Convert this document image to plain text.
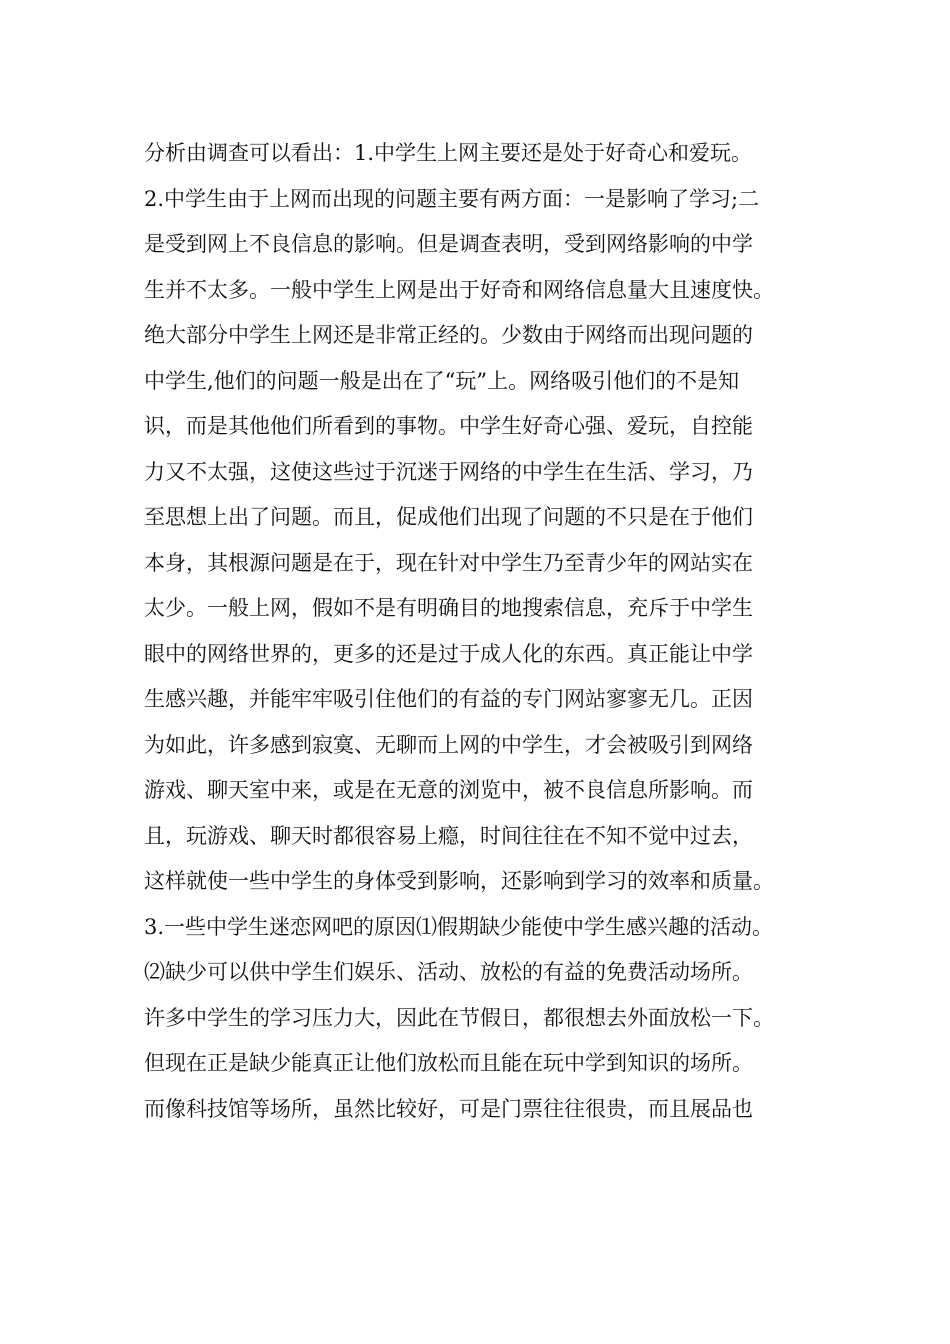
分析由调查可以看出：1.中学生上网主要还是处于好奇心和爱玩。
2.中学生由于上网而出现的问题主要有两方面：一是影响了学习;二
是受到网上不良信息的影响。但是调查表明，受到网络影响的中学
生并不太多。一般中学生上网是出于好奇和网络信息量大且速度快。
绝大部分中学生上网还是非常正经的。少数由于网络而出现问题的
中学生,他们的问题一般是出在了“玩”上。网络吸引他们的不是知
识，而是其他他们所看到的事物。中学生好奇心强、爱玩，自控能
力又不太强，这使这些过于沉迷于网络的中学生在生活、学习，乃
至思想上出了问题。而且，促成他们出现了问题的不只是在于他们
本身，其根源问题是在于，现在针对中学生乃至青少年的网站实在
太少。一般上网，假如不是有明确目的地搜索信息，充斥于中学生
眼中的网络世界的，更多的还是过于成人化的东西。真正能让中学
生感兴趣，并能牢牢吸引住他们的有益的专门网站寥寥无几。正因
为如此，许多感到寂寞、无聊而上网的中学生，才会被吸引到网络
游戏、聊天室中来，或是在无意的浏览中，被不良信息所影响。而
且，玩游戏、聊天时都很容易上瘾，时间往往在不知不觉中过去，
这样就使一些中学生的身体受到影响，还影响到学习的效率和质量。
3.一些中学生迷恋网吧的原因⑴假期缺少能使中学生感兴趣的活动。
⑵缺少可以供中学生们娱乐、活动、放松的有益的免费活动场所。
许多中学生的学习压力大，因此在节假日，都很想去外面放松一下。
但现在正是缺少能真正让他们放松而且能在玩中学到知识的场所。
而像科技馆等场所，虽然比较好，可是门票往往很贵，而且展品也
